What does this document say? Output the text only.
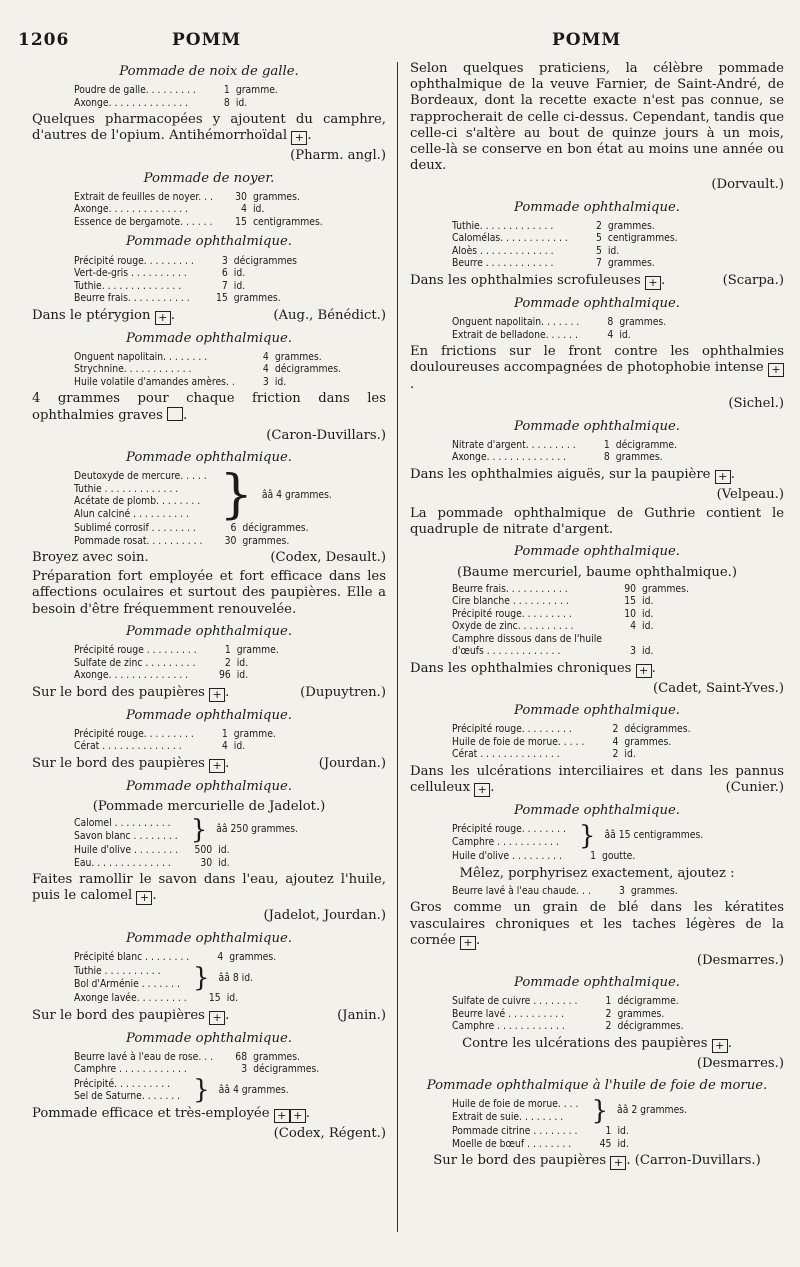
1206	POMM	POMM
Pommade de noix de galle.
Poudre de galle. . . . . . . . .	1	gramme.
Axonge. . . . . . . . . . . . . .	8	id.
Quelques pharmacopées y ajoutent du camphre, d'autres de l'opium. Antihémorrhoïdal + .
(Pharm. angl.)
Pommade de noyer.
Extrait de feuilles de noyer. . .	30	grammes.
Axonge. . . . . . . . . . . . . .	4	id.
Essence de bergamote. . . . . .	15	centigrammes.
Pommade ophthalmique.
Précipité rouge. . . . . . . . .	3	décigrammes
Vert-de-gris . . . . . . . . . .	6	id.
Tuthie. . . . . . . . . . . . . .	7	id.
Beurre frais. . . . . . . . . . .	15	grammes.
Dans le ptérygion + .	(Aug., Bénédict.)
Pommade ophthalmique.
Onguent napolitain. . . . . . . .	4	grammes.
Strychnine. . . . . . . . . . . .	4	décigrammes.
Huile volatile d'amandes amères. .	3	id.
4 grammes pour chaque friction dans les ophthalmies graves .
(Caron-Duvillars.)
Pommade ophthalmique.
Deutoxyde de mercure. . . . .	}	ââ 4 grammes.
Tuthie . . . . . . . . . . . . .
Acétate de plomb. . . . . . . .
Alun calciné . . . . . . . . . .
Sublimé corrosif . . . . . . . .	6	décigrammes.
Pommade rosat. . . . . . . . . .	30	grammes.
Broyez avec soin.	(Codex, Desault.)
Préparation fort employée et fort efficace dans les affections oculaires et surtout des paupières. Elle a besoin d'être fréquemment renouvelée.
Pommade ophthalmique.
Précipité rouge . . . . . . . . .	1	gramme.
Sulfate de zinc . . . . . . . . .	2	id.
Axonge. . . . . . . . . . . . . .	96	id.
Sur le bord des paupières + .	(Dupuytren.)
Pommade ophthalmique.
Précipité rouge. . . . . . . . .	1	gramme.
Cérat . . . . . . . . . . . . . .	4	id.
Sur le bord des paupières + .	(Jourdan.)
Pommade ophthalmique.
(Pommade mercurielle de Jadelot.)
Calomel . . . . . . . . . .	}	ââ 250 grammes.
Savon blanc . . . . . . . .
Huile d'olive . . . . . . . .	500	id.
Eau. . . . . . . . . . . . . .	30	id.
Faites ramollir le savon dans l'eau, ajoutez l'huile, puis le calomel + .
(Jadelot, Jourdan.)
Pommade ophthalmique.
Précipité blanc . . . . . . . .	4	grammes.
Tuthie . . . . . . . . . .	}	ââ 8 id.
Bol d'Arménie . . . . . . .
Axonge lavée. . . . . . . . .	15	id.
Sur le bord des paupières + .	(Janin.)
Pommade ophthalmique.
Beurre lavé à l'eau de rose. . .	68	grammes.
Camphre . . . . . . . . . . . .	3	décigrammes.
Précipité. . . . . . . . . .	}	ââ 4 grammes.
Sel de Saturne. . . . . . .
Pommade efficace et très-employée + + .
(Codex, Régent.)
Selon quelques praticiens, la célèbre pommade ophthalmique de la veuve Farnier, de Saint-André, de Bordeaux, dont la recette exacte n'est pas connue, se rapprocherait de celle ci-dessus. Cependant, tandis que celle-ci s'altère au bout de quinze jours à un mois, celle-là se conserve en bon état au moins une année ou deux.
(Dorvault.)
Pommade ophthalmique.
Tuthie. . . . . . . . . . . . .	2	grammes.
Calomélas. . . . . . . . . . . .	5	centigrammes.
Aloès . . . . . . . . . . . . .	5	id.
Beurre . . . . . . . . . . . .	7	grammes.
Dans les ophthalmies scrofuleuses + .	(Scarpa.)
Pommade ophthalmique.
Onguent napolitain. . . . . . .	8	grammes.
Extrait de belladone. . . . . .	4	id.
En frictions sur le front contre les ophthalmies douloureuses accompagnées de photophobie intense +.
(Sichel.)
Pommade ophthalmique.
Nitrate d'argent. . . . . . . . .	1	décigramme.
Axonge. . . . . . . . . . . . . .	8	grammes.
Dans les ophthalmies aiguës, sur la paupière + .
(Velpeau.)
La pommade ophthalmique de Guthrie contient le quadruple de nitrate d'argent.
Pommade ophthalmique.
(Baume mercuriel, baume ophthalmique.)
Beurre frais. . . . . . . . . . .	90	grammes.
Cire blanche . . . . . . . . . .	15	id.
Précipité rouge. . . . . . . . .	10	id.
Oxyde de zinc. . . . . . . . . .	4	id.
Camphre dissous dans de l'huile		
d'œufs . . . . . . . . . . . . .	3	id.
Dans les ophthalmies chroniques + .
(Cadet, Saint-Yves.)
Pommade ophthalmique.
Précipité rouge. . . . . . . . .	2	décigrammes.
Huile de foie de morue. . . . .	4	grammes.
Cérat . . . . . . . . . . . . . .	2	id.
Dans les ulcérations interciliaires et dans les pannus celluleux + .	(Cunier.)
Pommade ophthalmique.
Précipité rouge. . . . . . . .	}	ââ 15 centigrammes.
Camphre . . . . . . . . . . .
Huile d'olive . . . . . . . . .	1	goutte.
Mêlez, porphyrisez exactement, ajoutez :
Beurre lavé à l'eau chaude. . .	3	grammes.
Gros comme un grain de blé dans les kératites vasculaires chroniques et les taches légères de la cornée + .
(Desmarres.)
Pommade ophthalmique.
Sulfate de cuivre . . . . . . . .	1	décigramme.
Beurre lavé . . . . . . . . . .	2	grammes.
Camphre . . . . . . . . . . . .	2	décigrammes.
Contre les ulcérations des paupières + .
(Desmarres.)
Pommade ophthalmique à l'huile de foie de morue.
Huile de foie de morue. . . .	}	ââ 2 grammes.
Extrait de suie. . . . . . . .
Pommade citrine . . . . . . . .	1	id.
Moelle de bœuf . . . . . . . .	45	id.
Sur le bord des paupières + . (Carron-Duvillars.)
